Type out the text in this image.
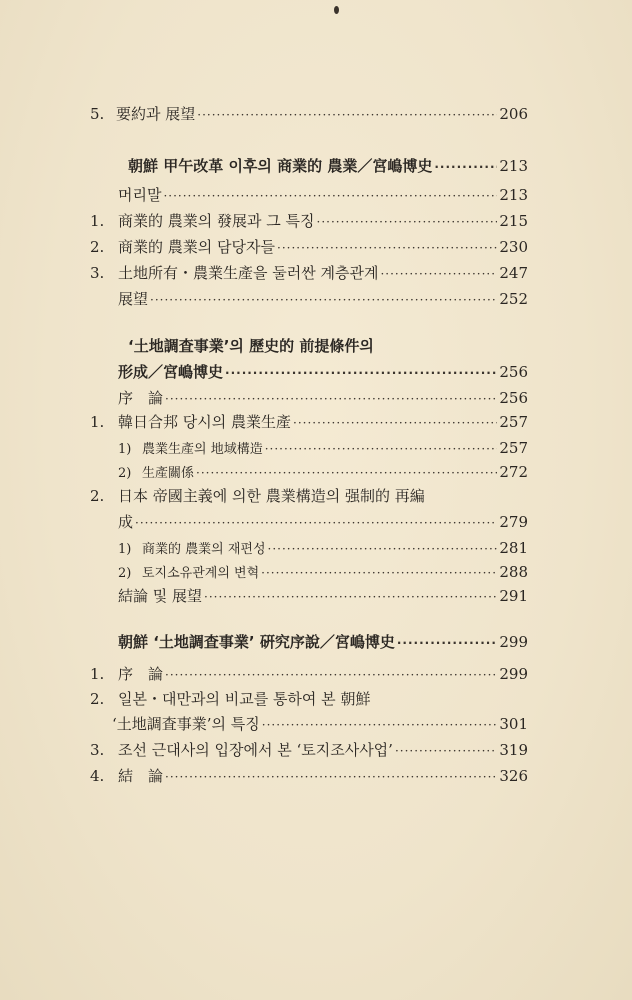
5. 要約과 展望 ·····	206
朝鮮 甲午改革 이후의 商業的 農業／宮嶋博史 ·····	213
머리말 ·····	213
1. 商業的 農業의 發展과 그 특징 ·····	215
2. 商業的 農業의 담당자들 ·····	230
3. 土地所有・農業生產을 둘러싼 계층관계 ·····	247
展望 ·····	252
‘土地調査事業’의 歷史的 前提條件의
形成／宮嶋博史 ·····	256
序　論 ·····	256
1. 韓日合邦 당시의 農業生產 ·····	257
1) 農業生產의 地域構造 ·····	257
2) 生產關係 ·····	272
2. 日本 帝國主義에 의한 農業構造의 强制的 再編
成 ·····	279
1) 商業的 農業의 재편성 ·····	281
2) 토지소유관계의 변혁 ·····	288
結論 및 展望 ·····	291
朝鮮 ‘土地調査事業’ 硏究序說／宮嶋博史 ·····	299
1. 序　論 ·····	299
2. 일본・대만과의 비교를 통하여 본 朝鮮
‘土地調査事業’의 특징 ·····	301
3. 조선 근대사의 입장에서 본 ‘토지조사사업’ ·····	319
4. 結　論 ·····	326
